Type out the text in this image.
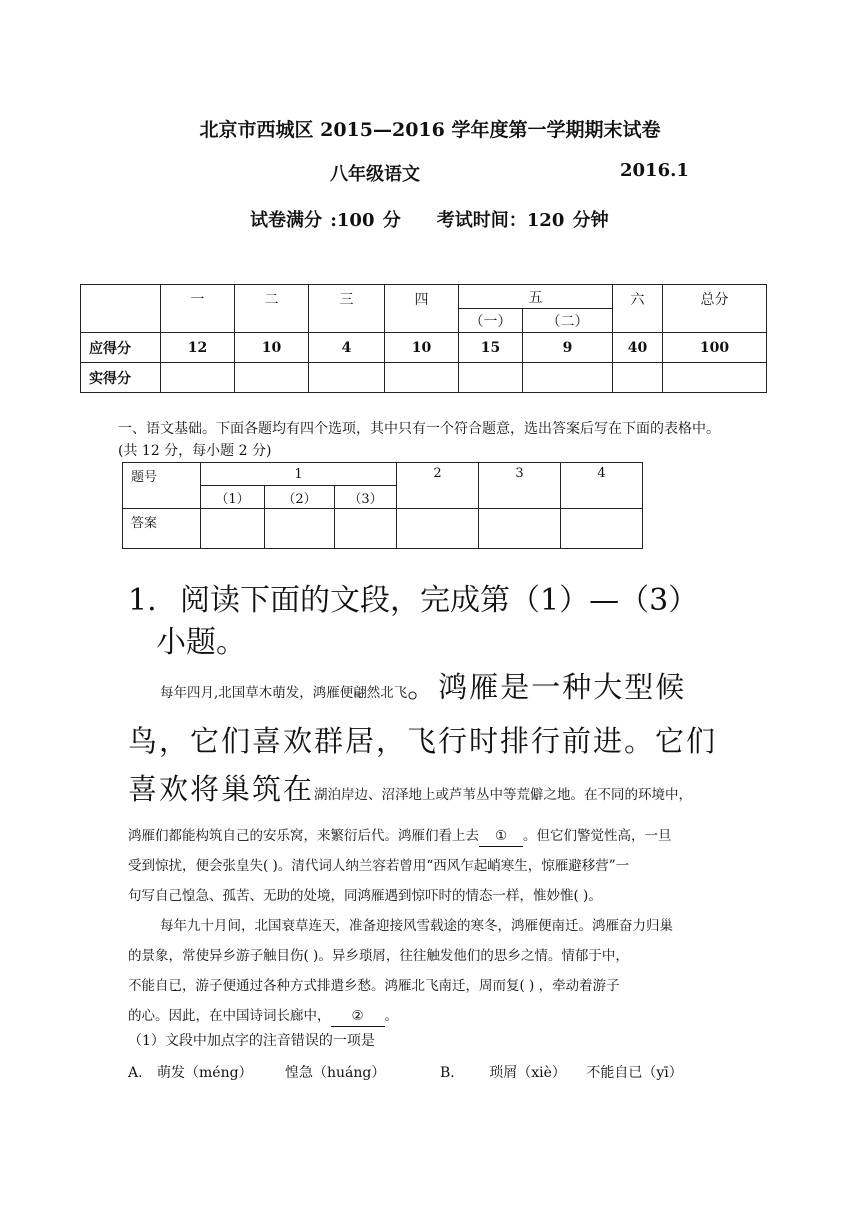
北京市西城区 2015—2016 学年度第一学期期末试卷
八年级语文	2016.1
试卷满分 :100 分 考试时间：120 分钟
	一	二	三	四	五		六	总分
					（一）	（二）		
应得分	12	10	4	10	15	9	40	100
实得分								
一、语文基础。下面各题均有四个选项，其中只有一个符合题意，选出答案后写在下面的表格中。(共 12 分，每小题 2 分)
题号	1			2	3	4
	（1）	（2）	（3）			
答案						
1. 阅读下面的文段，完成第（1）—（3）
小题。
每年四月,北国草木萌发，鸿雁便翩然北飞。鸿雁是一种大型候
鸟，它们喜欢群居，飞行时排行前进。它们
喜欢将巢筑在湖泊岸边、沼泽地上或芦苇丛中等荒僻之地。在不同的环境中，
鸿雁们都能构筑自己的安乐窝，来繁衍后代。鸿雁们看上去 ① 。但它们警觉性高，一旦
受到惊扰，便会张皇失( )。清代词人纳兰容若曾用“西风乍起峭寒生，惊雁避移营”一
句写自己惶急、孤苦、无助的处境，同鸿雁遇到惊吓时的情态一样，惟妙惟( )。
每年九十月间，北国衰草连天，准备迎接风雪载途的寒冬，鸿雁便南迁。鸿雁奋力归巢
的景象，常使异乡游子触目伤( )。异乡琐屑，往往触发他们的思乡之情。情郁于中，
不能自已，游子便通过各种方式排遣乡愁。鸿雁北飞南迁，周而复( ) ，牵动着游子
的心。因此，在中国诗词长廊中， ② 。
（1）文段中加点字的注音错误的一项是
A. 萌发（méng） 惶急（huáng）	B. 琐屑（xiè） 不能自已（yī）
